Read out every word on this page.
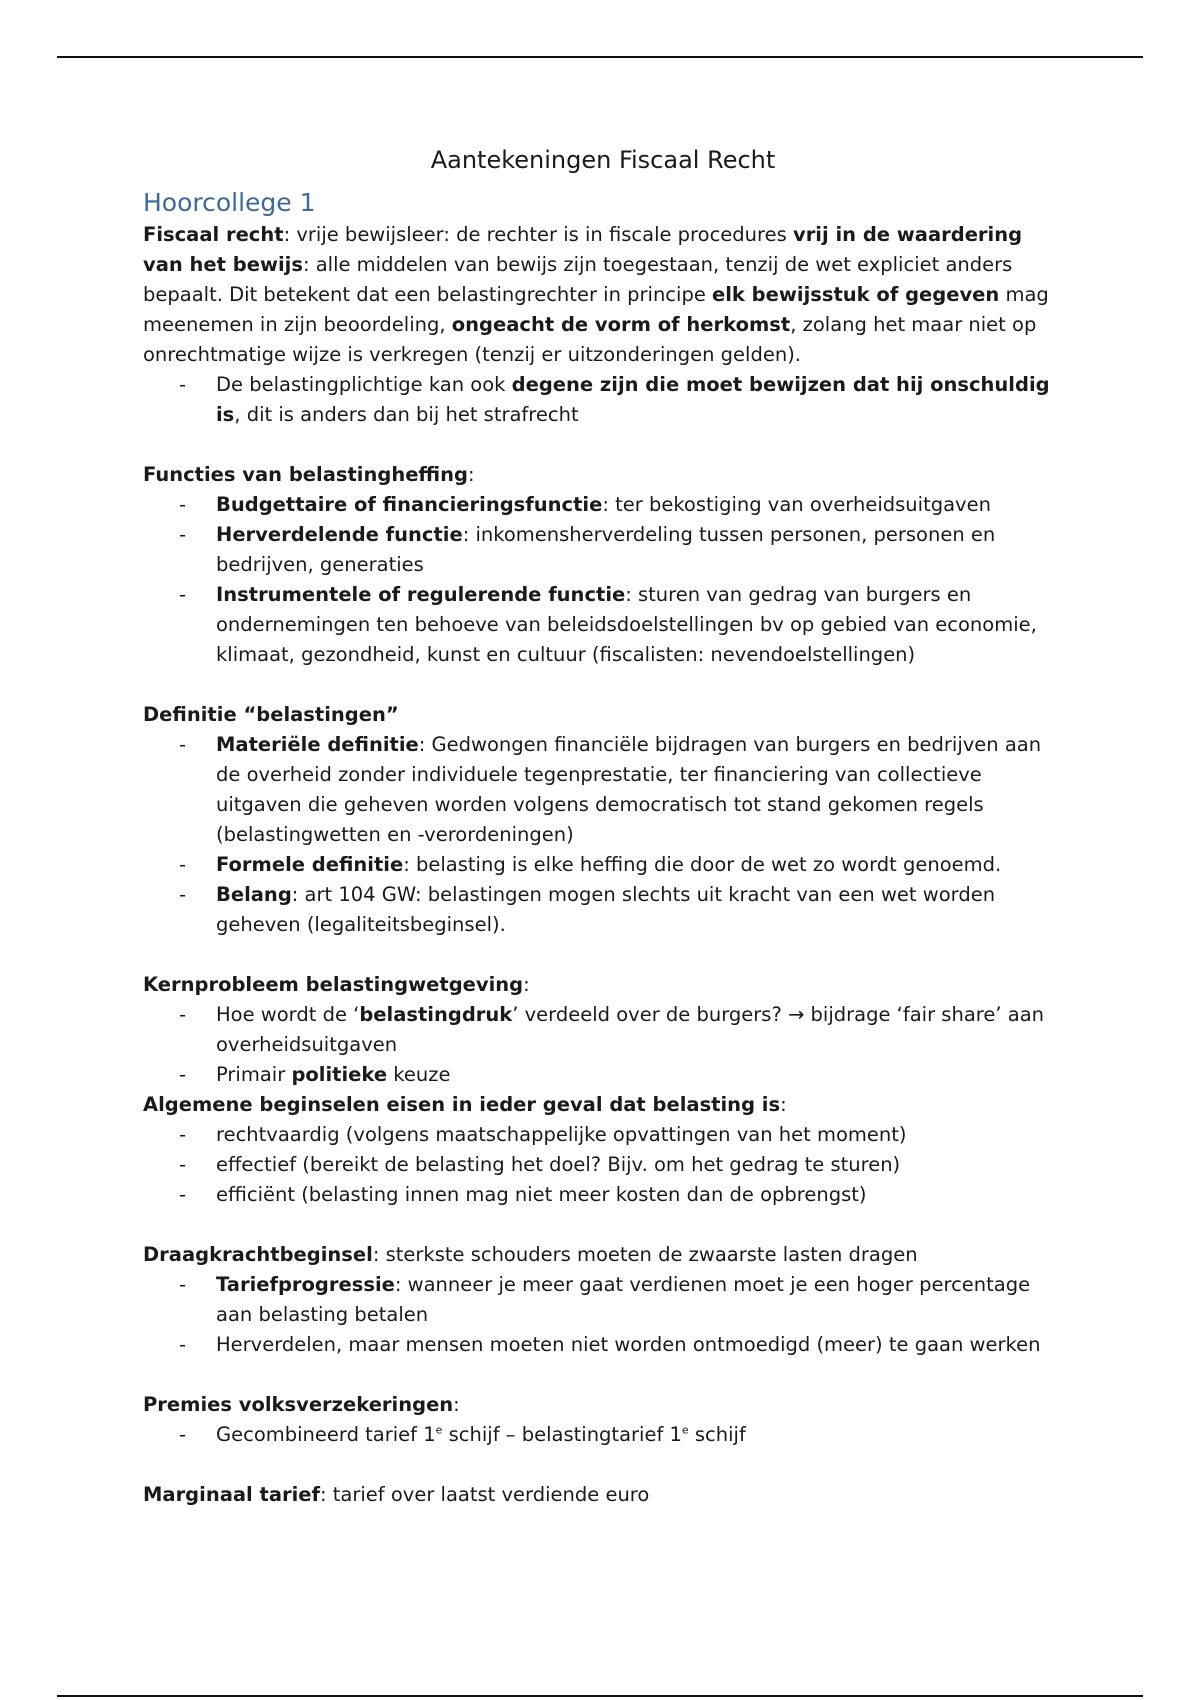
Aantekeningen Fiscaal Recht
Hoorcollege 1

Fiscaal recht: vrije bewijsleer: de rechter is in fiscale procedures vrij in de waardering van het bewijs: alle middelen van bewijs zijn toegestaan, tenzij de wet expliciet anders bepaalt. Dit betekent dat een belastingrechter in principe elk bewijsstuk of gegeven mag meenemen in zijn beoordeling, ongeacht de vorm of herkomst, zolang het maar niet op onrechtmatige wijze is verkregen (tenzij er uitzonderingen gelden).

- De belastingplichtige kan ook degene zijn die moet bewijzen dat hij onschuldig is, dit is anders dan bij het strafrecht

Functies van belastingheffing:

- Budgettaire of financieringsfunctie: ter bekostiging van overheidsuitgaven
- Herverdelende functie: inkomensherverdeling tussen personen, personen en bedrijven, generaties
- Instrumentele of regulerende functie: sturen van gedrag van burgers en ondernemingen ten behoeve van beleidsdoelstellingen bv op gebied van economie, klimaat, gezondheid, kunst en cultuur (fiscalisten: nevendoelstellingen)

Definitie “belastingen”

- Materiële definitie: Gedwongen financiële bijdragen van burgers en bedrijven aan de overheid zonder individuele tegenprestatie, ter financiering van collectieve uitgaven die geheven worden volgens democratisch tot stand gekomen regels (belastingwetten en -verordeningen)
- Formele definitie: belasting is elke heffing die door de wet zo wordt genoemd.
- Belang: art 104 GW: belastingen mogen slechts uit kracht van een wet worden geheven (legaliteitsbeginsel).

Kernprobleem belastingwetgeving:

- Hoe wordt de ‘belastingdruk’ verdeeld over de burgers? → bijdrage ‘fair share’ aan overheidsuitgaven
- Primair politieke keuze

Algemene beginselen eisen in ieder geval dat belasting is:

- rechtvaardig (volgens maatschappelijke opvattingen van het moment)
- effectief (bereikt de belasting het doel? Bijv. om het gedrag te sturen)
- efficiënt (belasting innen mag niet meer kosten dan de opbrengst)

Draagkrachtbeginsel: sterkste schouders moeten de zwaarste lasten dragen

- Tariefprogressie: wanneer je meer gaat verdienen moet je een hoger percentage aan belasting betalen
- Herverdelen, maar mensen moeten niet worden ontmoedigd (meer) te gaan werken

Premies volksverzekeringen:

- Gecombineerd tarief 1e schijf – belastingtarief 1e schijf

Marginaal tarief: tarief over laatst verdiende euro
